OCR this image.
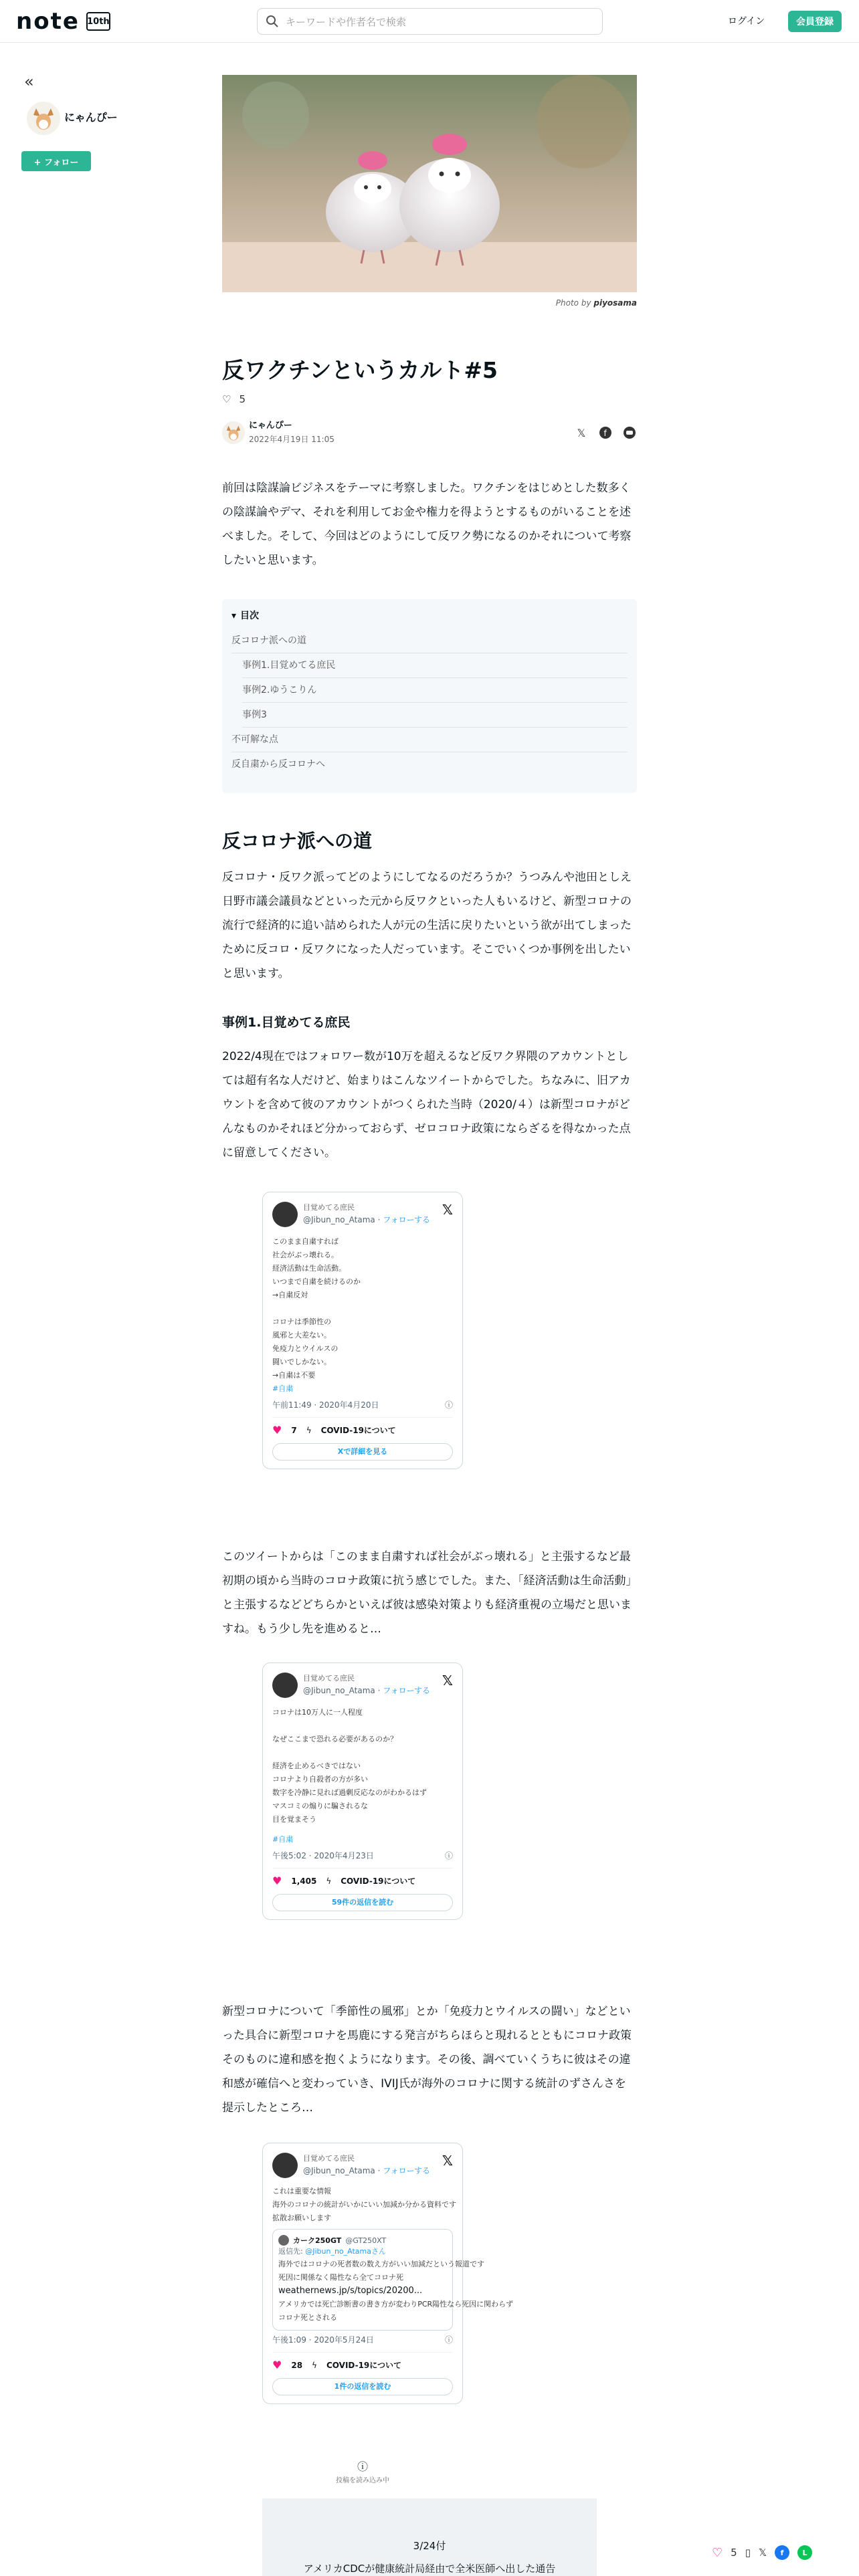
note 10th	キーワードや作者名で検索	ログイン	会員登録
«
にゃんぴー
+ フォロー
Photo by piyosama
反ワクチンというカルト#5
♡ 5
にゃんぴー
2022年4月19日 11:05
𝕏	f

前回は陰謀論ビジネスをテーマに考察しました。ワクチンをはじめとした数多くの陰謀論やデマ、それを利用してお金や権力を得ようとするものがいることを述べました。そして、今回はどのようにして反ワク勢になるのかそれについて考察したいと思います。

▾ 目次
反コロナ派への道
事例1.目覚めてる庶民
事例2.ゆうこりん
事例3
不可解な点
反自粛から反コロナへ
反コロナ派への道

反コロナ・反ワク派ってどのようにしてなるのだろうか？うつみんや池田としえ日野市議会議員などといった元から反ワクといった人もいるけど、新型コロナの流行で経済的に追い詰められた人が元の生活に戻りたいという欲が出てしまったために反コロ・反ワクになった人だっています。そこでいくつか事例を出したいと思います。

事例1.目覚めてる庶民

2022/4現在ではフォロワー数が10万を超えるなど反ワク界隈のアカウントとしては超有名な人だけど、始まりはこんなツイートからでした。ちなみに、旧アカウントを含めて彼のアカウントがつくられた当時（2020/４）は新型コロナがどんなものかそれほど分かっておらず、ゼロコロナ政策にならざるを得なかった点に留意してください。

目覚めてる庶民
@Jibun_no_Atama · フォローする
𝕏
このまま自粛すれば
社会がぶっ壊れる。
経済活動は生命活動。
いつまで自粛を続けるのか
→自粛反対
コロナは季節性の
風邪と大差ない。
免疫力とウイルスの
闘いでしかない。
→自粛は不要
#自粛
午前11:49 · 2020年4月20日	ⓘ
♥ 7 ϟ COVID-19について
Xで詳細を見る

このツイートからは「このまま自粛すれば社会がぶっ壊れる」と主張するなど最初期の頃から当時のコロナ政策に抗う感じでした。また、「経済活動は生命活動」と主張するなどどちらかといえば彼は感染対策よりも経済重視の立場だと思いますね。もう少し先を進めると…

目覚めてる庶民
@Jibun_no_Atama · フォローする
𝕏
コロナは10万人に一人程度
なぜここまで恐れる必要があるのか？
経済を止めるべきではない
コロナより自殺者の方が多い
数字を冷静に見れば過剰反応なのがわかるはず
マスコミの煽りに騙されるな
目を覚まそう
#自粛
午後5:02 · 2020年4月23日	ⓘ
♥ 1,405 ϟ COVID-19について
59件の返信を読む

新型コロナについて「季節性の風邪」とか「免疫力とウイルスの闘い」などといった具合に新型コロナを馬鹿にする発言がちらほらと現れるとともにコロナ政策そのものに違和感を抱くようになります。その後、調べていくうちに彼はその違和感が確信へと変わっていき、IVIJ氏が海外のコロナに関する統計のずさんさを提示したところ…

目覚めてる庶民
@Jibun_no_Atama · フォローする
𝕏
これは重要な情報
海外のコロナの統計がいかにいい加減か分かる資料です
拡散お願いします
カーク250GT @GT250XT
返信先: @Jibun_no_Atamaさん
海外ではコロナの死者数の数え方がいい加減だという報道です
死因に関係なく陽性なら全てコロナ死
weathernews.jp/s/topics/20200...
アメリカでは死亡診断書の書き方が変わりPCR陽性なら死因に関わらず
コロナ死とされる
午後1:09 · 2020年5月24日	ⓘ
♥ 28 ϟ COVID-19について
1件の返信を読む
ⓘ
投稿を読み込み中
3/24付
アメリカCDCが健康統計局経由で全米医師へ出した通告
♡ 5 ▯ 𝕏	f	L
